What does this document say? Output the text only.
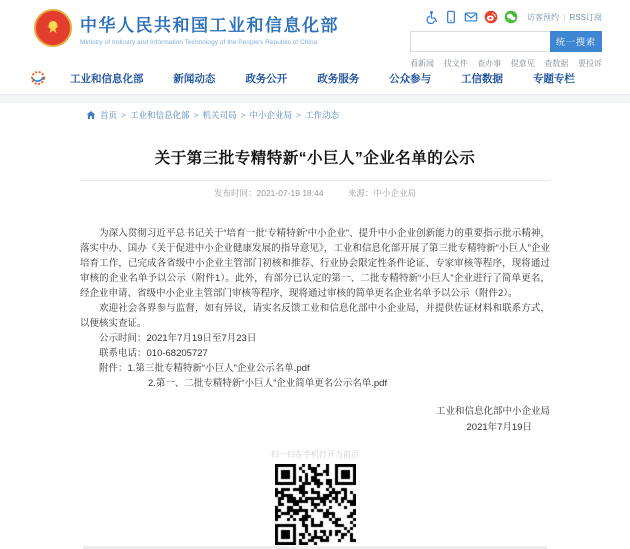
★	中华人民共和国工业和信息化部
Ministry of Industry and Information Technology of the People's Republic of China
访客预约 | RSS订阅
统一搜索
看新闻 找文件 查办事 提意见 查数据 要投诉
工业和信息化部	新闻动态	政务公开	政务服务	公众参与	工信数据	专题专栏
首页 > 工业和信息化部 > 机关司局 > 中小企业局 > 工作动态
关于第三批专精特新“小巨人”企业名单的公示
发布时间：2021-07-19 18:44	来源：中小企业局

为深入贯彻习近平总书记关于“培育一批‘专精特新’中小企业”、提升中小企业创新能力的重要指示批示精神，落实中办、国办《关于促进中小企业健康发展的指导意见》，工业和信息化部开展了第三批专精特新“小巨人”企业培育工作，已完成各省级中小企业主管部门初核和推荐、行业协会限定性条件论证、专家审核等程序，现将通过审核的企业名单予以公示（附件1）。此外，有部分已认定的第一、二批专精特新“小巨人”企业进行了简单更名，经企业申请、省级中小企业主管部门审核等程序，现将通过审核的简单更名企业名单予以公示（附件2）。

欢迎社会各界参与监督，如有异议，请实名反馈工业和信息化部中小企业局，并提供佐证材料和联系方式，以便核实查证。

公示时间：2021年7月19日至7月23日

联系电话：010-68205727

附件：1.第三批专精特新“小巨人”企业公示名单.pdf

2.第一、二批专精特新“小巨人”企业简单更名公示名单.pdf

工业和信息化部中小企业局
2021年7月19日
扫一扫在手机打开当前页
